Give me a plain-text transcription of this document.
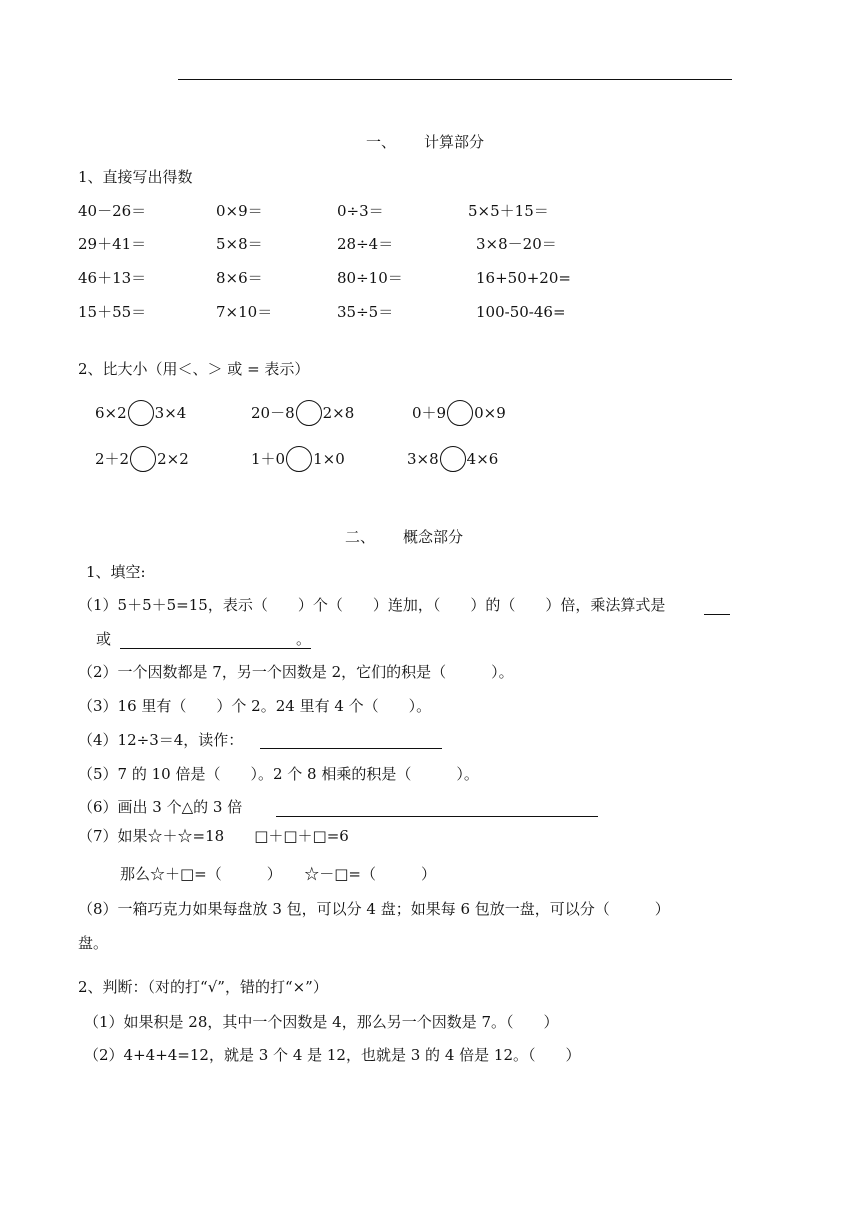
一、 计算部分
1、直接写出得数
40－26＝	0×9＝	0÷3＝	5×5＋15＝
29＋41＝	5×8＝	28÷4＝	3×8－20＝
46＋13＝	8×6＝	80÷10＝	16+50+20=
15＋55＝	7×10＝	35÷5＝	100-50-46=
2、比大小（用＜、＞ 或 = 表示）
6×2 3×4	20－8 2×8	0＋9 0×9
2＋2 2×2	1＋0 1×0	3×8 4×6
二、 概念部分
1、填空:
（1）5＋5＋5=15，表示（　　）个（　　）连加，（　　）的（　　）倍，乘法算式是
或	。
（2）一个因数都是 7，另一个因数是 2，它们的积是（　　　）。
（3）16 里有（　　）个 2。24 里有 4 个（　　）。
（4）12÷3＝4，读作：
（5）7 的 10 倍是（　　）。2 个 8 相乘的积是（　　　）。
（6）画出 3 个△的 3 倍
（7）如果☆＋☆=18　　□＋□＋□=6
那么☆＋□=（　　　）　　☆－□=（　　　）
（8）一箱巧克力如果每盘放 3 包，可以分 4 盘；如果每 6 包放一盘，可以分（　　　）
盘。
2、判断：（对的打“√”，错的打“×”）
（1）如果积是 28，其中一个因数是 4，那么另一个因数是 7。（　　）
（2）4+4+4=12，就是 3 个 4 是 12，也就是 3 的 4 倍是 12。（　　）
